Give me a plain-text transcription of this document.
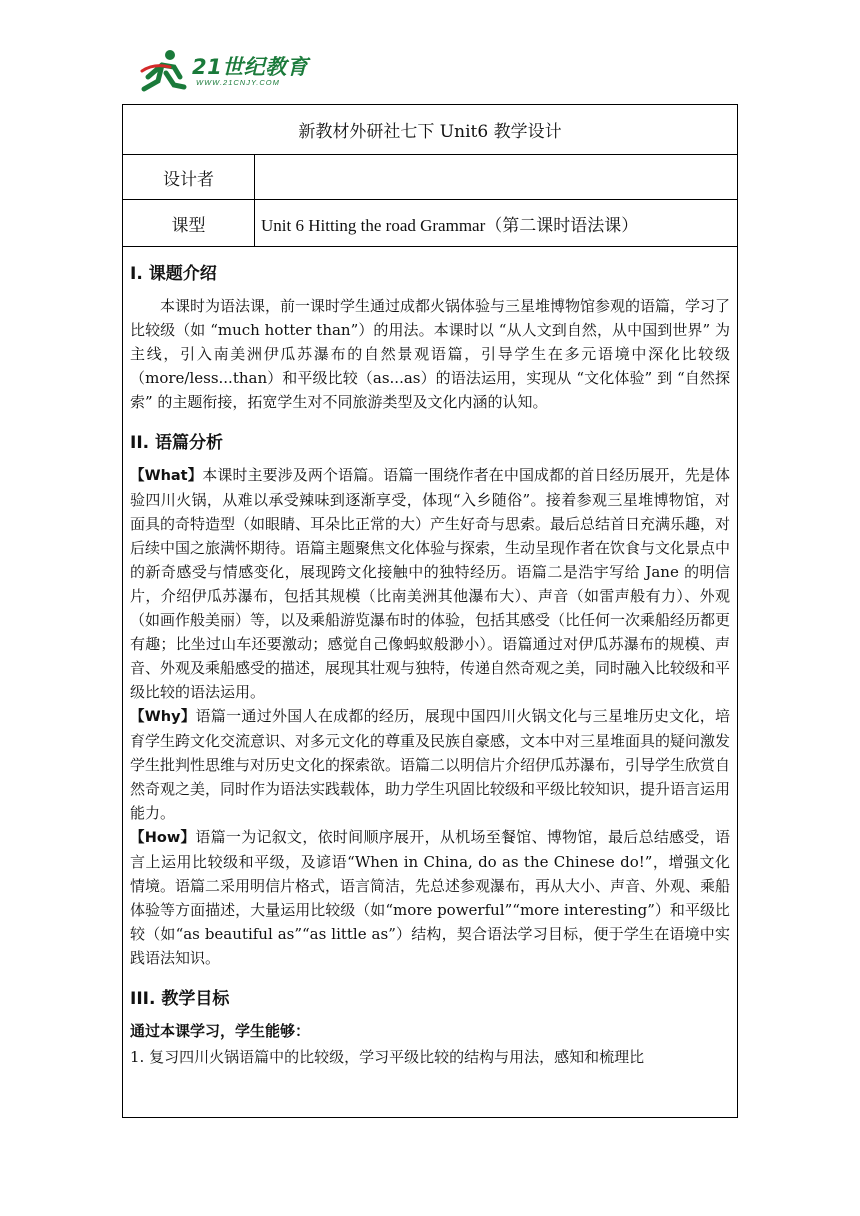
21世纪教育
WWW.21CNJY.COM
新教材外研社七下 Unit6 教学设计
设计者
课型	Unit 6 Hitting the road Grammar（第二课时语法课）
I. 课题介绍

本课时为语法课，前一课时学生通过成都火锅体验与三星堆博物馆参观的语篇，学习了比较级（如 “much hotter than”）的用法。本课时以 “从人文到自然，从中国到世界” 为主线，引入南美洲伊瓜苏瀑布的自然景观语篇，引导学生在多元语境中深化比较级（more/less...than）和平级比较（as...as）的语法运用，实现从 “文化体验” 到 “自然探索” 的主题衔接，拓宽学生对不同旅游类型及文化内涵的认知。

II. 语篇分析

【What】本课时主要涉及两个语篇。语篇一围绕作者在中国成都的首日经历展开，先是体验四川火锅，从难以承受辣味到逐渐享受，体现“入乡随俗”。接着参观三星堆博物馆，对面具的奇特造型（如眼睛、耳朵比正常的大）产生好奇与思索。最后总结首日充满乐趣，对后续中国之旅满怀期待。语篇主题聚焦文化体验与探索，生动呈现作者在饮食与文化景点中的新奇感受与情感变化，展现跨文化接触中的独特经历。语篇二是浩宇写给 Jane 的明信片，介绍伊瓜苏瀑布，包括其规模（比南美洲其他瀑布大）、声音（如雷声般有力）、外观（如画作般美丽）等，以及乘船游览瀑布时的体验，包括其感受（比任何一次乘船经历都更有趣；比坐过山车还要激动；感觉自己像蚂蚁般渺小）。语篇通过对伊瓜苏瀑布的规模、声音、外观及乘船感受的描述，展现其壮观与独特，传递自然奇观之美，同时融入比较级和平级比较的语法运用。

【Why】语篇一通过外国人在成都的经历，展现中国四川火锅文化与三星堆历史文化，培育学生跨文化交流意识、对多元文化的尊重及民族自豪感，文本中对三星堆面具的疑问激发学生批判性思维与对历史文化的探索欲。语篇二以明信片介绍伊瓜苏瀑布，引导学生欣赏自然奇观之美，同时作为语法实践载体，助力学生巩固比较级和平级比较知识，提升语言运用能力。

【How】语篇一为记叙文，依时间顺序展开，从机场至餐馆、博物馆，最后总结感受，语言上运用比较级和平级，及谚语“When in China, do as the Chinese do!”，增强文化情境。语篇二采用明信片格式，语言简洁，先总述参观瀑布，再从大小、声音、外观、乘船体验等方面描述，大量运用比较级（如“more powerful”“more interesting”）和平级比较（如“as beautiful as”“as little as”）结构，契合语法学习目标，便于学生在语境中实践语法知识。

III. 教学目标
通过本课学习，学生能够：

1. 复习四川火锅语篇中的比较级，学习平级比较的结构与用法，感知和梳理比
